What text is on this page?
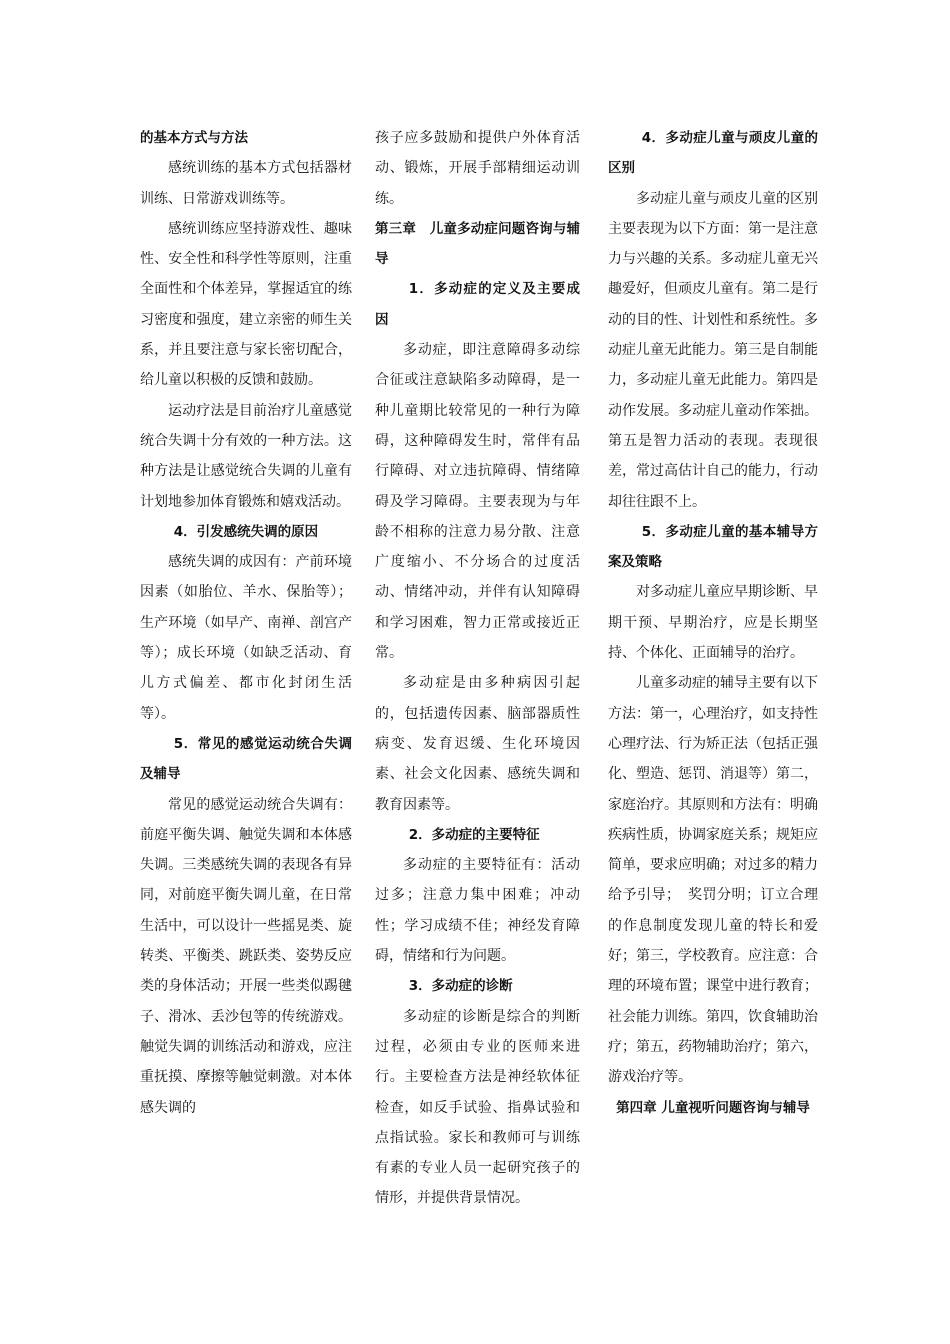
的基本方式与方法

感统训练的基本方式包括器材训练、日常游戏训练等。

感统训练应坚持游戏性、趣味性、安全性和科学性等原则，注重全面性和个体差异，掌握适宜的练习密度和强度，建立亲密的师生关系，并且要注意与家长密切配合，给儿童以积极的反馈和鼓励。

运动疗法是目前治疗儿童感觉统合失调十分有效的一种方法。这种方法是让感觉统合失调的儿童有计划地参加体育锻炼和嬉戏活动。

4．引发感统失调的原因

感统失调的成因有：产前环境因素（如胎位、羊水、保胎等）；生产环境（如早产、南禅、剖宫产等）；成长环境（如缺乏活动、育儿方式偏差、都市化封闭生活等）。

5．常见的感觉运动统合失调及辅导

常见的感觉运动统合失调有：前庭平衡失调、触觉失调和本体感失调。三类感统失调的表现各有异同，对前庭平衡失调儿童，在日常生活中，可以设计一些摇晃类、旋转类、平衡类、跳跃类、姿势反应类的身体活动；开展一些类似踢毽子、滑冰、丢沙包等的传统游戏。触觉失调的训练活动和游戏，应注重抚摸、摩擦等触觉刺激。对本体感失调的

孩子应多鼓励和提供户外体育活动、锻炼，开展手部精细运动训练。

第三章　儿童多动症问题咨询与辅导

1．多动症的定义及主要成因

多动症，即注意障碍多动综合征或注意缺陷多动障碍，是一种儿童期比较常见的一种行为障碍，这种障碍发生时，常伴有品行障碍、对立违抗障碍、情绪障碍及学习障碍。主要表现为与年龄不相称的注意力易分散、注意广度缩小、不分场合的过度活动、情绪冲动，并伴有认知障碍和学习困难，智力正常或接近正常。

多动症是由多种病因引起的，包括遗传因素、脑部器质性病变、发育迟缓、生化环境因素、社会文化因素、感统失调和教育因素等。

2．多动症的主要特征

多动症的主要特征有：活动过多；注意力集中困难；冲动性；学习成绩不佳；神经发育障碍，情绪和行为问题。

3．多动症的诊断

多动症的诊断是综合的判断过程，必须由专业的医师来进行。主要检查方法是神经软体征检查，如反手试验、指鼻试验和点指试验。家长和教师可与训练有素的专业人员一起研究孩子的情形，并提供背景情况。

4．多动症儿童与顽皮儿童的区别

多动症儿童与顽皮儿童的区别主要表现为以下方面：第一是注意力与兴趣的关系。多动症儿童无兴趣爱好，但顽皮儿童有。第二是行动的目的性、计划性和系统性。多动症儿童无此能力。第三是自制能力，多动症儿童无此能力。第四是动作发展。多动症儿童动作笨拙。第五是智力活动的表现。表现很差，常过高估计自己的能力，行动却往往跟不上。

5．多动症儿童的基本辅导方案及策略

对多动症儿童应早期诊断、早期干预、早期治疗，应是长期坚持、个体化、正面辅导的治疗。

儿童多动症的辅导主要有以下方法：第一，心理治疗，如支持性心理疗法、行为矫正法（包括正强化、塑造、惩罚、消退等）第二，家庭治疗。其原则和方法有：明确疾病性质，协调家庭关系；规矩应简单，要求应明确；对过多的精力给予引导；　奖罚分明；订立合理的作息制度发现儿童的特长和爱好；第三，学校教育。应注意：合理的环境布置；课堂中进行教育；社会能力训练。第四，饮食辅助治疗；第五，药物辅助治疗；第六，游戏治疗等。

第四章 儿童视听问题咨询与辅导
